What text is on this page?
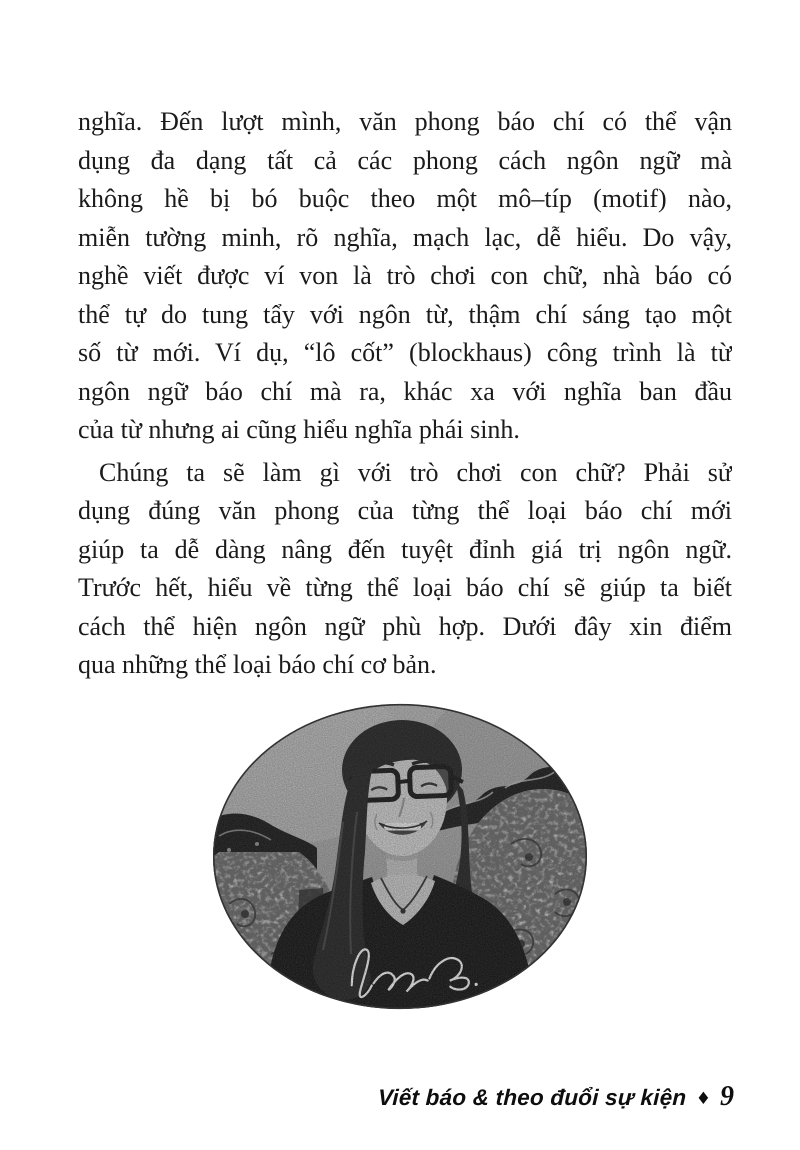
nghĩa. Đến lượt mình, văn phong báo chí có thể vận
dụng đa dạng tất cả các phong cách ngôn ngữ mà
không hề bị bó buộc theo một mô–típ (motif) nào,
miễn tường minh, rõ nghĩa, mạch lạc, dễ hiểu. Do vậy,
nghề viết được ví von là trò chơi con chữ, nhà báo có
thể tự do tung tẩy với ngôn từ, thậm chí sáng tạo một
số từ mới. Ví dụ, “lô cốt” (blockhaus) công trình là từ
ngôn ngữ báo chí mà ra, khác xa với nghĩa ban đầu
của từ nhưng ai cũng hiểu nghĩa phái sinh.
Chúng ta sẽ làm gì với trò chơi con chữ? Phải sử
dụng đúng văn phong của từng thể loại báo chí mới
giúp ta dễ dàng nâng đến tuyệt đỉnh giá trị ngôn ngữ.
Trước hết, hiểu về từng thể loại báo chí sẽ giúp ta biết
cách thể hiện ngôn ngữ phù hợp. Dưới đây xin điểm
qua những thể loại báo chí cơ bản.
Viết báo & theo đuổi sự kiện ♦ 9
